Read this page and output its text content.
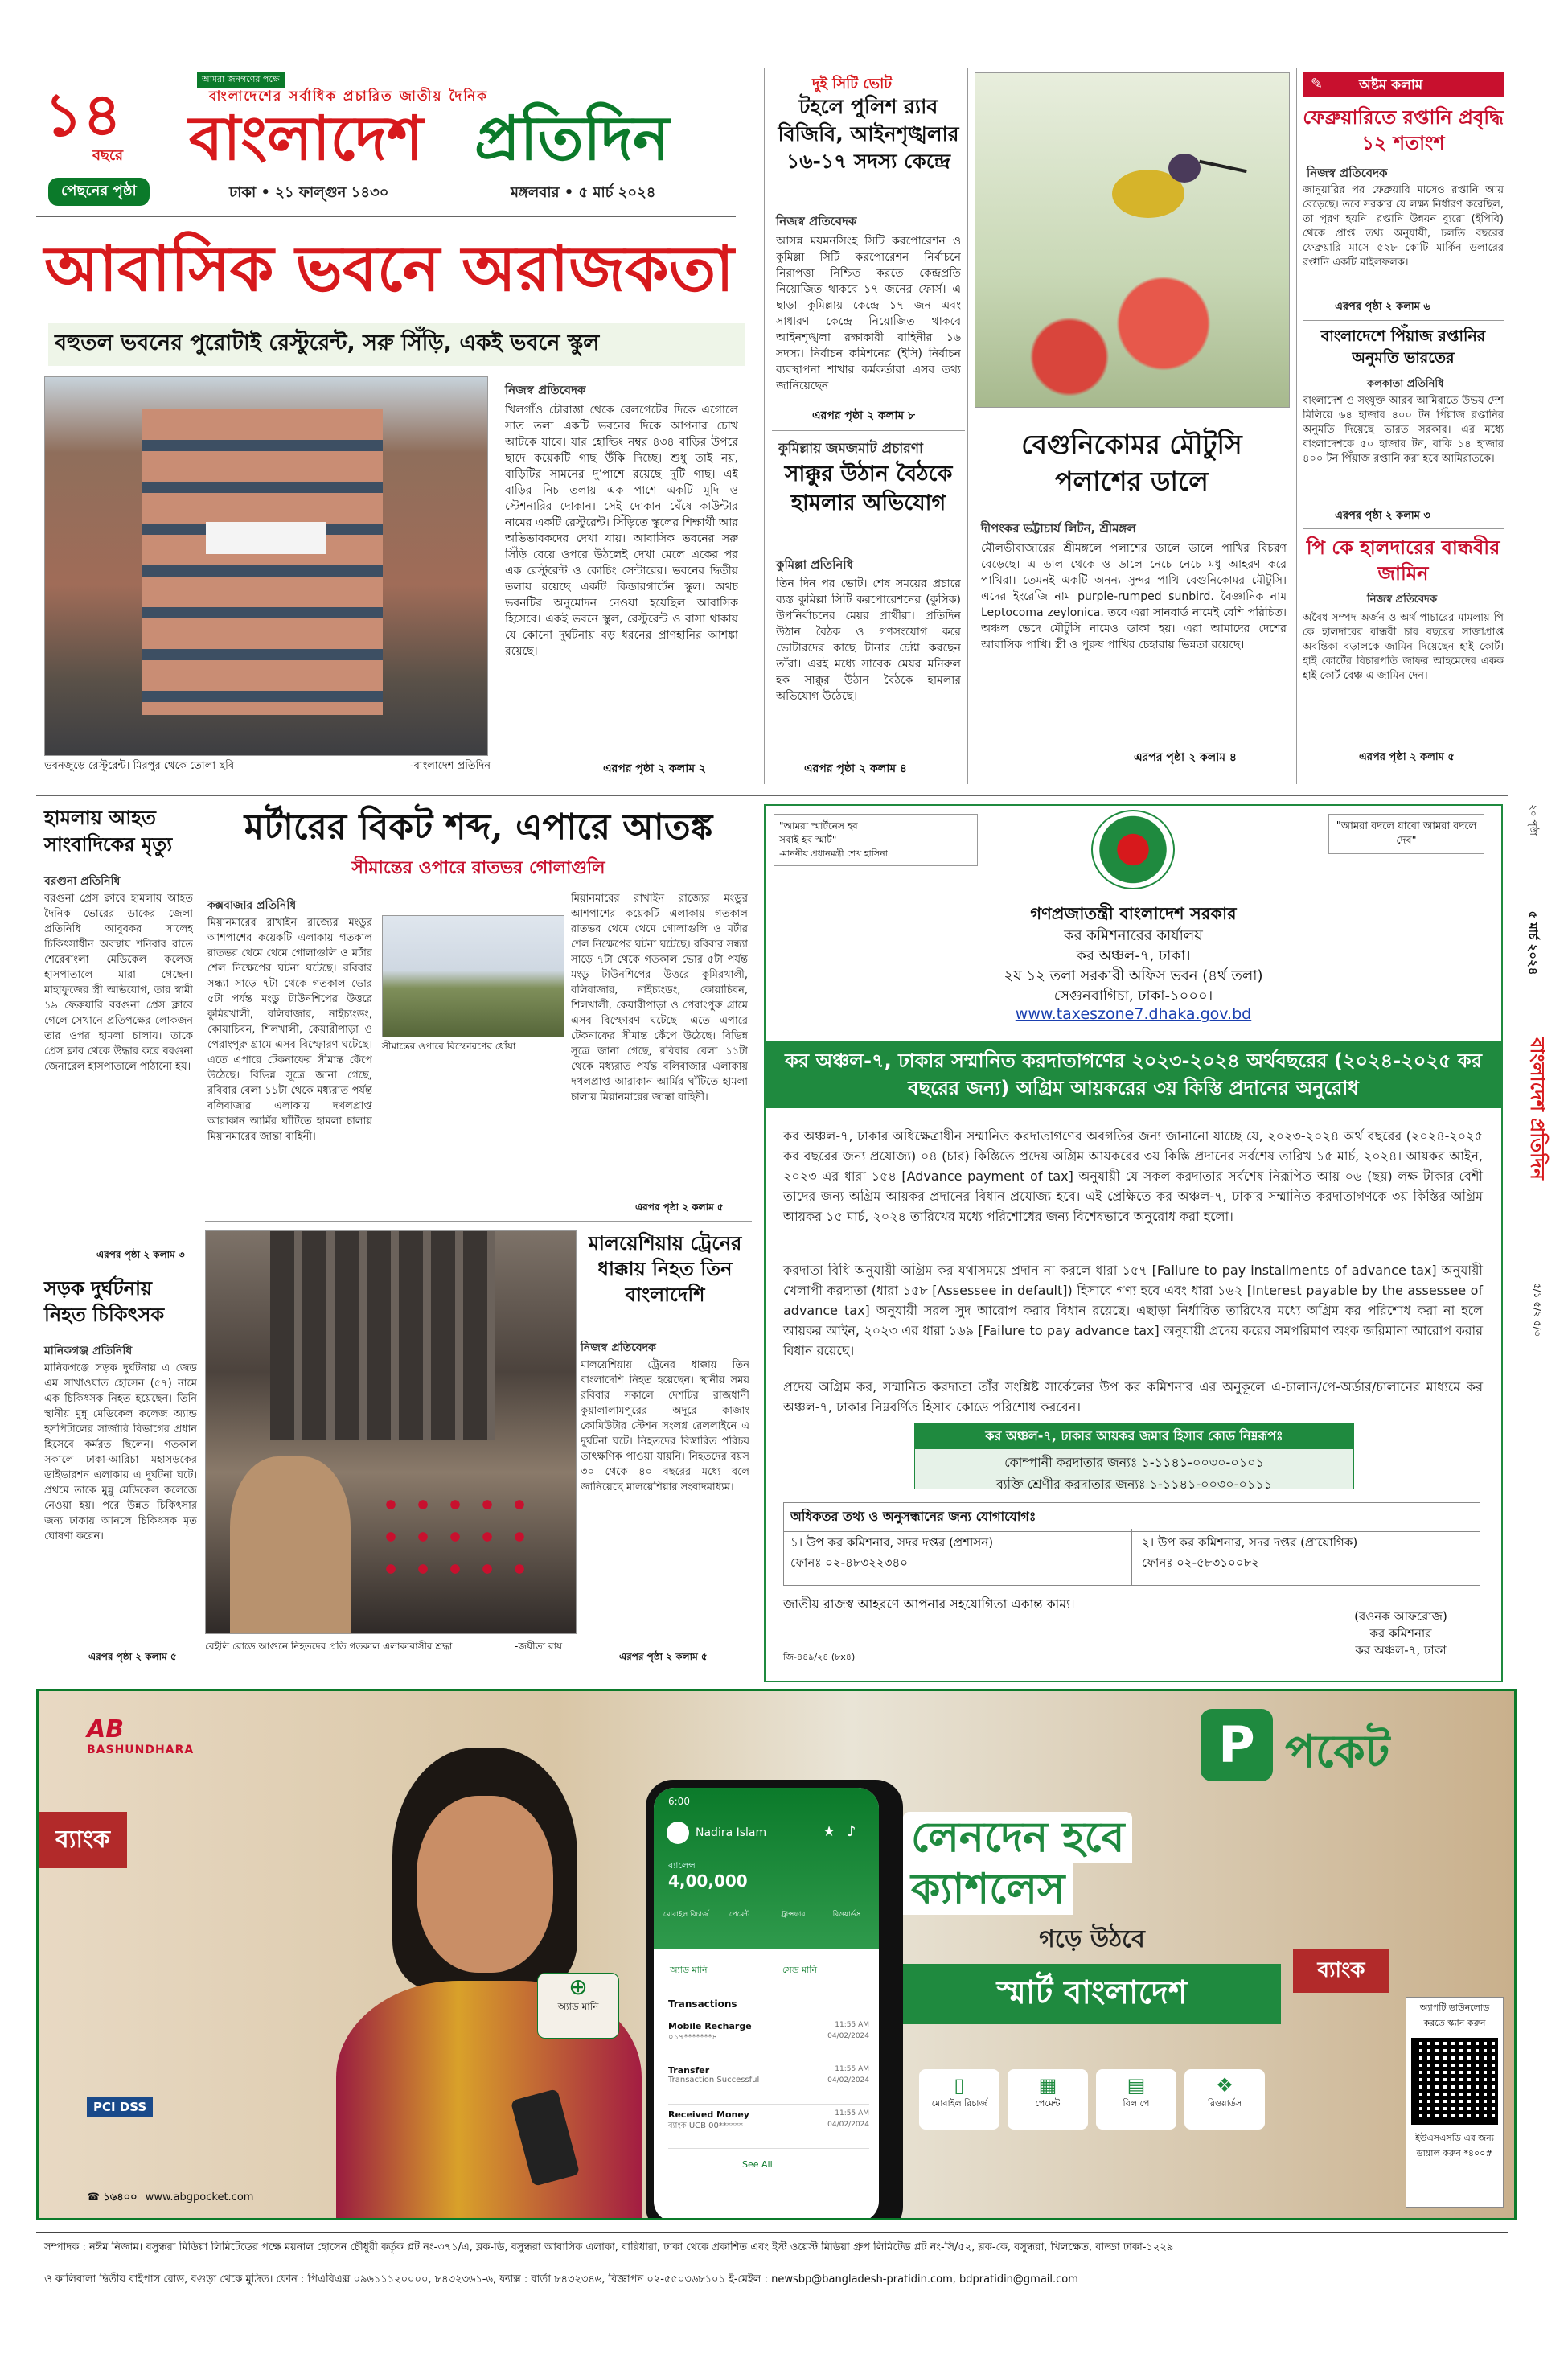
১৪
বছরে
আমরা জনগণের পক্ষে
বাংলাদেশের সর্বাধিক প্রচারিত জাতীয় দৈনিক
বাংলাদেশ প্রতিদিন
পেছনের পৃষ্ঠা	ঢাকা • ২১ ফাল্গুন ১৪৩০	মঙ্গলবার • ৫ মার্চ ২০২৪
আবাসিক ভবনে অরাজকতা
বহুতল ভবনের পুরোটাই রেস্টুরেন্ট, সরু সিঁড়ি, একই ভবনে স্কুল
ভবনজুড়ে রেস্টুরেন্ট। মিরপুর থেকে তোলা ছবি	-বাংলাদেশ প্রতিদিন
নিজস্ব প্রতিবেদক
খিলগাঁও চৌরাস্তা থেকে রেলগেটের দিকে এগোলে সাত তলা একটি ভবনের দিকে আপনার চোখ আটকে যাবে। যার হোল্ডিং নম্বর ৪৩৪ বাড়ির উপরে ছাদে কয়েকটি গাছ উঁকি দিচ্ছে। শুধু তাই নয়, বাড়িটির সামনের দু’পাশে রয়েছে দুটি গাছ। এই বাড়ির নিচ তলায় এক পাশে একটি মুদি ও স্টেশনারির দোকান। সেই দোকান ঘেঁষে কাউন্টার নামের একটি রেস্টুরেন্ট। সিঁড়িতে স্কুলের শিক্ষার্থী আর অভিভাবকদের দেখা যায়। আবাসিক ভবনের সরু সিঁড়ি বেয়ে ওপরে উঠলেই দেখা মেলে একের পর এক রেস্টুরেন্ট ও কোচিং সেন্টারের। ভবনের দ্বিতীয় তলায় রয়েছে একটি কিন্ডারগার্টেন স্কুল। অথচ ভবনটির অনুমোদন নেওয়া হয়েছিল আবাসিক হিসেবে। একই ভবনে স্কুল, রেস্টুরেন্ট ও বাসা থাকায় যে কোনো দুর্ঘটনায় বড় ধরনের প্রাণহানির আশঙ্কা রয়েছে।
এরপর পৃষ্ঠা ২ কলাম ২
দুই সিটি ভোট
টহলে পুলিশ র‍্যাব বিজিবি, আইনশৃঙ্খলার ১৬-১৭ সদস্য কেন্দ্রে
নিজস্ব প্রতিবেদক
আসন্ন ময়মনসিংহ সিটি করপোরেশন ও কুমিল্লা সিটি করপোরেশন নির্বাচনে নিরাপত্তা নিশ্চিত করতে কেন্দ্রপ্রতি নিয়োজিত থাকবে ১৭ জনের ফোর্স। এ ছাড়া কুমিল্লায় কেন্দ্রে ১৭ জন এবং সাধারণ কেন্দ্রে নিয়োজিত থাকবে আইনশৃঙ্খলা রক্ষাকারী বাহিনীর ১৬ সদস্য। নির্বাচন কমিশনের (ইসি) নির্বাচন ব্যবস্থাপনা শাখার কর্মকর্তারা এসব তথ্য জানিয়েছেন।
এরপর পৃষ্ঠা ২ কলাম ৮
কুমিল্লায় জমজমাট প্রচারণা
সাক্কুর উঠান বৈঠকে হামলার অভিযোগ
কুমিল্লা প্রতিনিধি
তিন দিন পর ভোট। শেষ সময়ের প্রচারে ব্যস্ত কুমিল্লা সিটি করপোরেশনের (কুসিক) উপনির্বাচনের মেয়র প্রার্থীরা। প্রতিদিন উঠান বৈঠক ও গণসংযোগ করে ভোটারদের কাছে টানার চেষ্টা করছেন তাঁরা। এরই মধ্যে সাবেক মেয়র মনিরুল হক সাক্কুর উঠান বৈঠকে হামলার অভিযোগ উঠেছে।
এরপর পৃষ্ঠা ২ কলাম ৪
বেগুনিকোমর মৌটুসি পলাশের ডালে
দীপংকর ভট্টাচার্য লিটন, শ্রীমঙ্গল
মৌলভীবাজারের শ্রীমঙ্গলে পলাশের ডালে ডালে পাখির বিচরণ বেড়েছে। এ ডাল থেকে ও ডালে নেচে নেচে মধু আহরণ করে পাখিরা। তেমনই একটি অনন্য সুন্দর পাখি বেগুনিকোমর মৌটুসি। এদের ইংরেজি নাম purple-rumped sunbird. বৈজ্ঞানিক নাম Leptocoma zeylonica. তবে এরা সানবার্ড নামেই বেশি পরিচিত। অঞ্চল ভেদে মৌটুসি নামেও ডাকা হয়। এরা আমাদের দেশের আবাসিক পাখি। স্ত্রী ও পুরুষ পাখির চেহারায় ভিন্নতা রয়েছে।
এরপর পৃষ্ঠা ২ কলাম ৪
✎	অষ্টম কলাম
ফেব্রুয়ারিতে রপ্তানি প্রবৃদ্ধি ১২ শতাংশ
নিজস্ব প্রতিবেদক
জানুয়ারির পর ফেব্রুয়ারি মাসেও রপ্তানি আয় বেড়েছে। তবে সরকার যে লক্ষ্য নির্ধারণ করেছিল, তা পূরণ হয়নি। রপ্তানি উন্নয়ন ব্যুরো (ইপিবি) থেকে প্রাপ্ত তথ্য অনুযায়ী, চলতি বছরের ফেব্রুয়ারি মাসে ৫২৮ কোটি মার্কিন ডলারের রপ্তানি একটি মাইলফলক।
এরপর পৃষ্ঠা ২ কলাম ৬
বাংলাদেশে পিঁয়াজ রপ্তানির অনুমতি ভারতের
কলকাতা প্রতিনিধি
বাংলাদেশ ও সংযুক্ত আরব আমিরাতে উভয় দেশ মিলিয়ে ৬৪ হাজার ৪০০ টন পিঁয়াজ রপ্তানির অনুমতি দিয়েছে ভারত সরকার। এর মধ্যে বাংলাদেশকে ৫০ হাজার টন, বাকি ১৪ হাজার ৪০০ টন পিঁয়াজ রপ্তানি করা হবে আমিরাতকে।
এরপর পৃষ্ঠা ২ কলাম ৩
পি কে হালদারের বান্ধবীর জামিন
নিজস্ব প্রতিবেদক
অবৈধ সম্পদ অর্জন ও অর্থ পাচারের মামলায় পি কে হালদারের বান্ধবী চার বছরের সাজাপ্রাপ্ত অবন্তিকা বড়ালকে জামিন দিয়েছেন হাই কোর্ট। হাই কোর্টের বিচারপতি জাফর আহমেদের একক হাই কোর্ট বেঞ্চ এ জামিন দেন।
এরপর পৃষ্ঠা ২ কলাম ৫
৫ মার্চ ২০২৪
বাংলাদেশ প্রতিদিন
২০ পৃষ্ঠা
৫/১ ৫/২ ৫/৩
হামলায় আহত সাংবাদিকের মৃত্যু
বরগুনা প্রতিনিধি
বরগুনা প্রেস ক্লাবে হামলায় আহত দৈনিক ভোরের ডাকের জেলা প্রতিনিধি আবুবকর সালেহ চিকিৎসাধীন অবস্থায় শনিবার রাতে শেরেবাংলা মেডিকেল কলেজ হাসপাতালে মারা গেছেন। মাহাফুজের স্ত্রী অভিযোগ, তার স্বামী ১৯ ফেব্রুয়ারি বরগুনা প্রেস ক্লাবে গেলে সেখানে প্রতিপক্ষের লোকজন তার ওপর হামলা চালায়। তাকে প্রেস ক্লাব থেকে উদ্ধার করে বরগুনা জেনারেল হাসপাতালে পাঠানো হয়।
এরপর পৃষ্ঠা ২ কলাম ৩
মর্টারের বিকট শব্দ, এপারে আতঙ্ক
সীমান্তের ওপারে রাতভর গোলাগুলি
কক্সবাজার প্রতিনিধি
মিয়ানমারের রাখাইন রাজ্যের মংডুর আশপাশের কয়েকটি এলাকায় গতকাল রাতভর থেমে থেমে গোলাগুলি ও মর্টার শেল নিক্ষেপের ঘটনা ঘটেছে। রবিবার সন্ধ্যা সাড়ে ৭টা থেকে গতকাল ভোর ৫টা পর্যন্ত মংডু টাউনশিপের উত্তরে কুমিরখালী, বলিবাজার, নাইচ্যংডং, কোয়াচিবন, শিলখালী, কেয়ারীপাড়া ও পেরাংপুরু গ্রামে এসব বিস্ফোরণ ঘটেছে। এতে এপারে টেকনাফের সীমান্ত কেঁপে উঠেছে। বিভিন্ন সূত্রে জানা গেছে, রবিবার বেলা ১১টা থেকে মধ্যরাত পর্যন্ত বলিবাজার এলাকায় দখলপ্রাপ্ত আরাকান আর্মির ঘাঁটিতে হামলা চালায় মিয়ানমারের জান্তা বাহিনী।
সীমান্তের ওপারে বিস্ফোরণের ধোঁয়া
মিয়ানমারের রাখাইন রাজ্যের মংডুর আশপাশের কয়েকটি এলাকায় গতকাল রাতভর থেমে থেমে গোলাগুলি ও মর্টার শেল নিক্ষেপের ঘটনা ঘটেছে। রবিবার সন্ধ্যা সাড়ে ৭টা থেকে গতকাল ভোর ৫টা পর্যন্ত মংডু টাউনশিপের উত্তরে কুমিরখালী, বলিবাজার, নাইচ্যংডং, কোয়াচিবন, শিলখালী, কেয়ারীপাড়া ও পেরাংপুরু গ্রামে এসব বিস্ফোরণ ঘটেছে। এতে এপারে টেকনাফের সীমান্ত কেঁপে উঠেছে। বিভিন্ন সূত্রে জানা গেছে, রবিবার বেলা ১১টা থেকে মধ্যরাত পর্যন্ত বলিবাজার এলাকায় দখলপ্রাপ্ত আরাকান আর্মির ঘাঁটিতে হামলা চালায় মিয়ানমারের জান্তা বাহিনী।
এরপর পৃষ্ঠা ২ কলাম ৫
সড়ক দুর্ঘটনায় নিহত চিকিৎসক
মানিকগঞ্জ প্রতিনিধি
মানিকগঞ্জে সড়ক দুর্ঘটনায় এ জেড এম সাখাওয়াত হোসেন (৫৭) নামে এক চিকিৎসক নিহত হয়েছেন। তিনি স্থানীয় মুন্নু মেডিকেল কলেজ অ্যান্ড হসপিটালের সার্জারি বিভাগের প্রধান হিসেবে কর্মরত ছিলেন। গতকাল সকালে ঢাকা-আরিচা মহাসড়কের ডাইভারশন এলাকায় এ দুর্ঘটনা ঘটে। প্রথমে তাকে মুন্নু মেডিকেল কলেজে নেওয়া হয়। পরে উন্নত চিকিৎসার জন্য ঢাকায় আনলে চিকিৎসক মৃত ঘোষণা করেন।
এরপর পৃষ্ঠা ২ কলাম ৫
বেইলি রোডে আগুনে নিহতদের প্রতি গতকাল এলাকাবাসীর শ্রদ্ধা	-জয়ীতা রায়
মালয়েশিয়ায় ট্রেনের ধাক্কায় নিহত তিন বাংলাদেশি
নিজস্ব প্রতিবেদক
মালয়েশিয়ায় ট্রেনের ধাক্কায় তিন বাংলাদেশি নিহত হয়েছেন। স্থানীয় সময় রবিবার সকালে দেশটির রাজধানী কুয়ালালামপুরের অদূরে কাজাং কোমিউটার স্টেশন সংলগ্ন রেললাইনে এ দুর্ঘটনা ঘটে। নিহতদের বিস্তারিত পরিচয় তাৎক্ষণিক পাওয়া যায়নি। নিহতদের বয়স ৩০ থেকে ৪০ বছরের মধ্যে বলে জানিয়েছে মালয়েশিয়ার সংবাদমাধ্যম।
এরপর পৃষ্ঠা ২ কলাম ৫
"আমরা স্মার্টনেস হব
সবাই হব স্মার্ট"
-মাননীয় প্রধানমন্ত্রী শেখ হাসিনা
"আমরা বদলে যাবো আমরা বদলে দেব"
গণপ্রজাতন্ত্রী বাংলাদেশ সরকার
কর কমিশনারের কার্যালয়
কর অঞ্চল-৭, ঢাকা।
২য় ১২ তলা সরকারী অফিস ভবন (৪র্থ তলা)
সেগুনবাগিচা, ঢাকা-১০০০।
www.taxeszone7.dhaka.gov.bd
কর অঞ্চল-৭, ঢাকার সম্মানিত করদাতাগণের ২০২৩-২০২৪ অর্থবছরের (২০২৪-২০২৫ কর বছরের জন্য) অগ্রিম আয়করের ৩য় কিস্তি প্রদানের অনুরোধ
কর অঞ্চল-৭, ঢাকার অধিক্ষেত্রাধীন সম্মানিত করদাতাগণের অবগতির জন্য জানানো যাচ্ছে যে, ২০২৩-২০২৪ অর্থ বছরের (২০২৪-২০২৫ কর বছরের জন্য প্রযোজ্য) ০৪ (চার) কিস্তিতে প্রদেয় অগ্রিম আয়করের ৩য় কিস্তি প্রদানের সর্বশেষ তারিখ ১৫ মার্চ, ২০২৪। আয়কর আইন, ২০২৩ এর ধারা ১৫৪ [Advance payment of tax] অনুযায়ী যে সকল করদাতার সর্বশেষ নিরূপিত আয় ০৬ (ছয়) লক্ষ টাকার বেশী তাদের জন্য অগ্রিম আয়কর প্রদানের বিধান প্রযোজ্য হবে। এই প্রেক্ষিতে কর অঞ্চল-৭, ঢাকার সম্মানিত করদাতাগণকে ৩য় কিস্তির অগ্রিম আয়কর ১৫ মার্চ, ২০২৪ তারিখের মধ্যে পরিশোধের জন্য বিশেষভাবে অনুরোধ করা হলো।
করদাতা বিধি অনুযায়ী অগ্রিম কর যথাসময়ে প্রদান না করলে ধারা ১৫৭ [Failure to pay installments of advance tax] অনুযায়ী খেলাপী করদাতা (ধারা ১৫৮ [Assessee in default]) হিসাবে গণ্য হবে এবং ধারা ১৬২ [Interest payable by the assessee of advance tax] অনুযায়ী সরল সুদ আরোপ করার বিধান রয়েছে। এছাড়া নির্ধারিত তারিখের মধ্যে অগ্রিম কর পরিশোধ করা না হলে আয়কর আইন, ২০২৩ এর ধারা ১৬৯ [Failure to pay advance tax] অনুযায়ী প্রদেয় করের সমপরিমাণ অংক জরিমানা আরোপ করার বিধান রয়েছে।
প্রদেয় অগ্রিম কর, সম্মানিত করদাতা তাঁর সংশ্লিষ্ট সার্কেলের উপ কর কমিশনার এর অনুকূলে এ-চালান/পে-অর্ডার/চালানের মাধ্যমে কর অঞ্চল-৭, ঢাকার নিম্নবর্ণিত হিসাব কোডে পরিশোধ করবেন।
কর অঞ্চল-৭, ঢাকার আয়কর জমার হিসাব কোড নিম্নরূপঃ
কোম্পানী করদাতার জন্যঃ ১-১১৪১-০০৩০-০১০১
ব্যক্তি শ্রেণীর করদাতার জন্যঃ ১-১১৪১-০০৩০-০১১১
অধিকতর তথ্য ও অনুসন্ধানের জন্য যোগাযোগঃ
১। উপ কর কমিশনার, সদর দপ্তর (প্রশাসন)
ফোনঃ ০২-৪৮৩২২৩৪০
২। উপ কর কমিশনার, সদর দপ্তর (প্রায়োগিক)
ফোনঃ ০২-৫৮৩১০০৮২
জাতীয় রাজস্ব আহরণে আপনার সহযোগিতা একান্ত কাম্য।
(রওনক আফরোজ)
কর কমিশনার
কর অঞ্চল-৭, ঢাকা
জি-৪৪৯/২৪ (৮x৪)
AB
BASHUNDHARA
ব্যাংক
⊕
অ্যাড মানি
PCI DSS
☎ ১৬৪০০ www.abgpocket.com
6:00
Nadira Islam	★ ♪
ব্যালেন্স
4,00,000
মোবাইল রিচার্জ	পেমেন্ট	ট্রান্সফার	রিওয়ার্ডস
অ্যাড মানি	সেন্ড মানি
Transactions
Mobile Recharge
০১৭*******৪
11:55 AM
04/02/2024
Transfer
Transaction Successful
11:55 AM
04/02/2024
Received Money
ব্যাংক UCB 00******
11:55 AM
04/02/2024
See All
P পকেট
লেনদেন হবে
ক্যাশলেস
গড়ে উঠবে
স্মার্ট বাংলাদেশ
▯
মোবাইল রিচার্জ
▦
পেমেন্ট
▤
বিল পে
❖
রিওয়ার্ডস
ব্যাংক
অ্যাপটি ডাউনলোড করতে স্ক্যান করুন
ইউএসএসডি এর জন্য ডায়াল করুন *৪০০#
সম্পাদক : নঈম নিজাম। বসুন্ধরা মিডিয়া লিমিটেডের পক্ষে ময়নাল হোসেন চৌধুরী কর্তৃক প্লট নং-৩৭১/এ, ব্লক-ডি, বসুন্ধরা আবাসিক এলাকা, বারিধারা, ঢাকা থেকে প্রকাশিত এবং ইস্ট ওয়েস্ট মিডিয়া গ্রুপ লিমিটেড প্লট নং-সি/৫২, ব্লক-কে, বসুন্ধরা, খিলক্ষেত, বাড্ডা ঢাকা-১২২৯
ও কালিবালা দ্বিতীয় বাইপাস রোড, বগুড়া থেকে মুদ্রিত। ফোন : পিএবিএক্স ০৯৬১১১২০০০০, ৮৪৩২৩৬১-৬, ফ্যাক্স : বার্তা ৮৪৩২৩৪৬, বিজ্ঞাপন ০২-৫৫০৩৬৮১০১ ই-মেইল : newsbp@bangladesh-pratidin.com, bdpratidin@gmail.com
